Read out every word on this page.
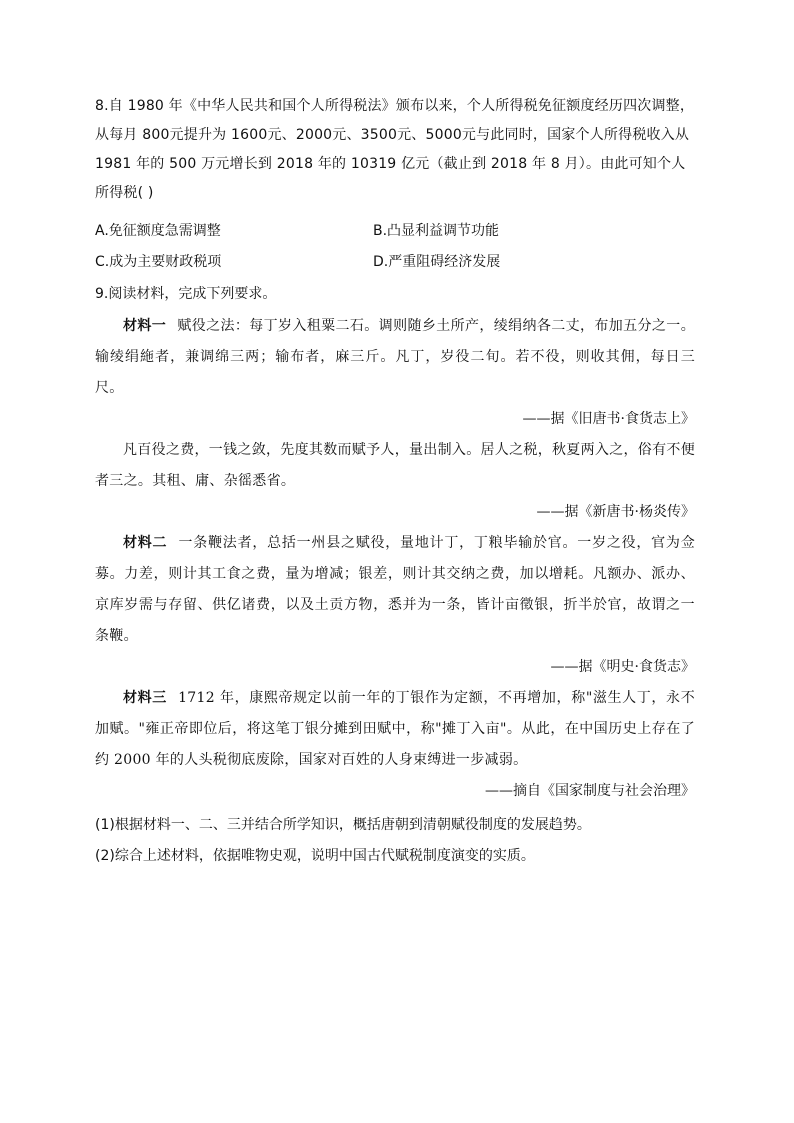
8.自 1980 年《中华人民共和国个人所得税法》颁布以来，个人所得税免征额度经历四次调整，从每月 800元提升为 1600元、2000元、3500元、5000元与此同时，国家个人所得税收入从 1981 年的 500 万元增长到 2018 年的 10319 亿元（截止到 2018 年 8 月）。由此可知个人所得税( )
A.免征额度急需调整	B.凸显利益调节功能
C.成为主要财政税项	D.严重阻碍经济发展
9.阅读材料，完成下列要求。
材料一 赋役之法：每丁岁入租粟二石。调则随乡土所产，绫绢纳各二丈，布加五分之一。输绫绢絁者，兼调绵三两；输布者，麻三斤。凡丁，岁役二旬。若不役，则收其佣，每日三尺。
——据《旧唐书·食货志上》
凡百役之费，一钱之敛，先度其数而赋予人，量出制入。居人之税，秋夏两入之，俗有不便者三之。其租、庸、杂徭悉省。
——据《新唐书·杨炎传》
材料二 一条鞭法者，总括一州县之赋役，量地计丁，丁粮毕输於官。一岁之役，官为佥募。力差，则计其工食之费，量为增减；银差，则计其交纳之费，加以增耗。凡额办、派办、京库岁需与存留、供亿诸费，以及土贡方物，悉并为一条，皆计亩徵银，折半於官，故谓之一条鞭。
——据《明史·食货志》
材料三 1712 年，康熙帝规定以前一年的丁银作为定额，不再增加，称"滋生人丁，永不加赋。"雍正帝即位后，将这笔丁银分摊到田赋中，称"摊丁入亩"。从此，在中国历史上存在了约 2000 年的人头税彻底废除，国家对百姓的人身束缚进一步减弱。
——摘自《国家制度与社会治理》
(1)根据材料一、二、三并结合所学知识，概括唐朝到清朝赋役制度的发展趋势。
(2)综合上述材料，依据唯物史观，说明中国古代赋税制度演变的实质。
